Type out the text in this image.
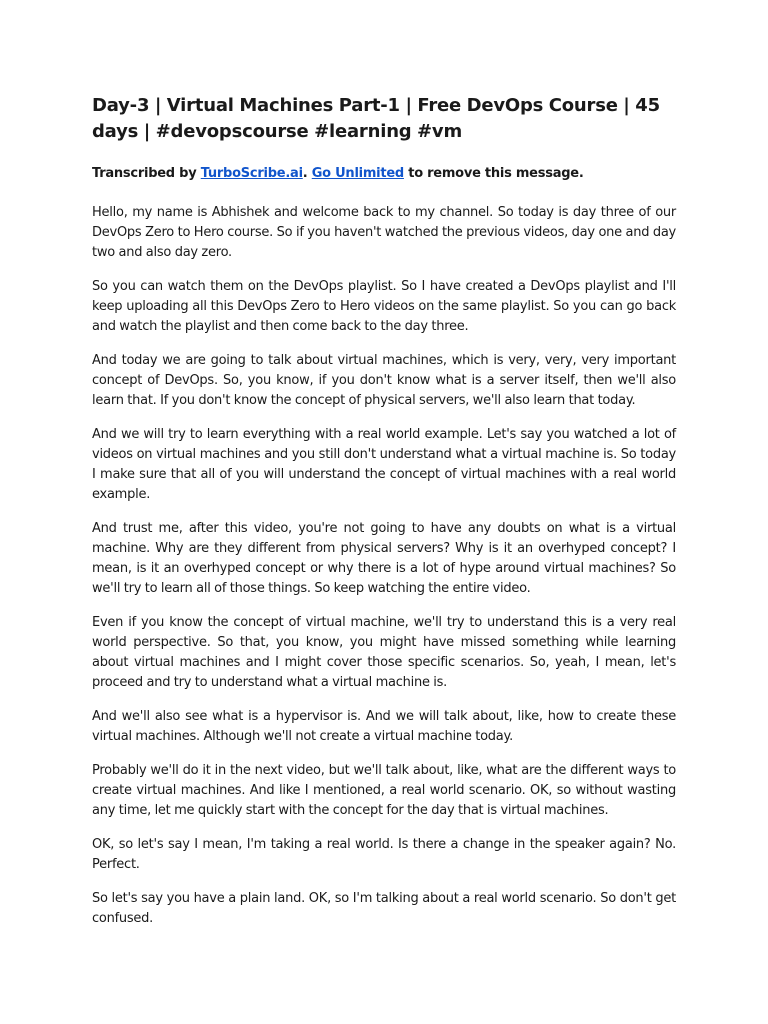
Day-3 | Virtual Machines Part-1 | Free DevOps Course | 45 days | #devopscourse #learning #vm
Transcribed by TurboScribe.ai. Go Unlimited to remove this message.

Hello, my name is Abhishek and welcome back to my channel. So today is day three of our DevOps Zero to Hero course. So if you haven't watched the previous videos, day one and day two and also day zero.

So you can watch them on the DevOps playlist. So I have created a DevOps playlist and I'll keep uploading all this DevOps Zero to Hero videos on the same playlist. So you can go back and watch the playlist and then come back to the day three.

And today we are going to talk about virtual machines, which is very, very, very important concept of DevOps. So, you know, if you don't know what is a server itself, then we'll also learn that. If you don't know the concept of physical servers, we'll also learn that today.

And we will try to learn everything with a real world example. Let's say you watched a lot of videos on virtual machines and you still don't understand what a virtual machine is. So today I make sure that all of you will understand the concept of virtual machines with a real world example.

And trust me, after this video, you're not going to have any doubts on what is a virtual machine. Why are they different from physical servers? Why is it an overhyped concept? I mean, is it an overhyped concept or why there is a lot of hype around virtual machines? So we'll try to learn all of those things. So keep watching the entire video.

Even if you know the concept of virtual machine, we'll try to understand this is a very real world perspective. So that, you know, you might have missed something while learning about virtual machines and I might cover those specific scenarios. So, yeah, I mean, let's proceed and try to understand what a virtual machine is.

And we'll also see what is a hypervisor is. And we will talk about, like, how to create these virtual machines. Although we'll not create a virtual machine today.

Probably we'll do it in the next video, but we'll talk about, like, what are the different ways to create virtual machines. And like I mentioned, a real world scenario. OK, so without wasting any time, let me quickly start with the concept for the day that is virtual machines.

OK, so let's say I mean, I'm taking a real world. Is there a change in the speaker again? No. Perfect.

So let's say you have a plain land. OK, so I'm talking about a real world scenario. So don't get confused.
